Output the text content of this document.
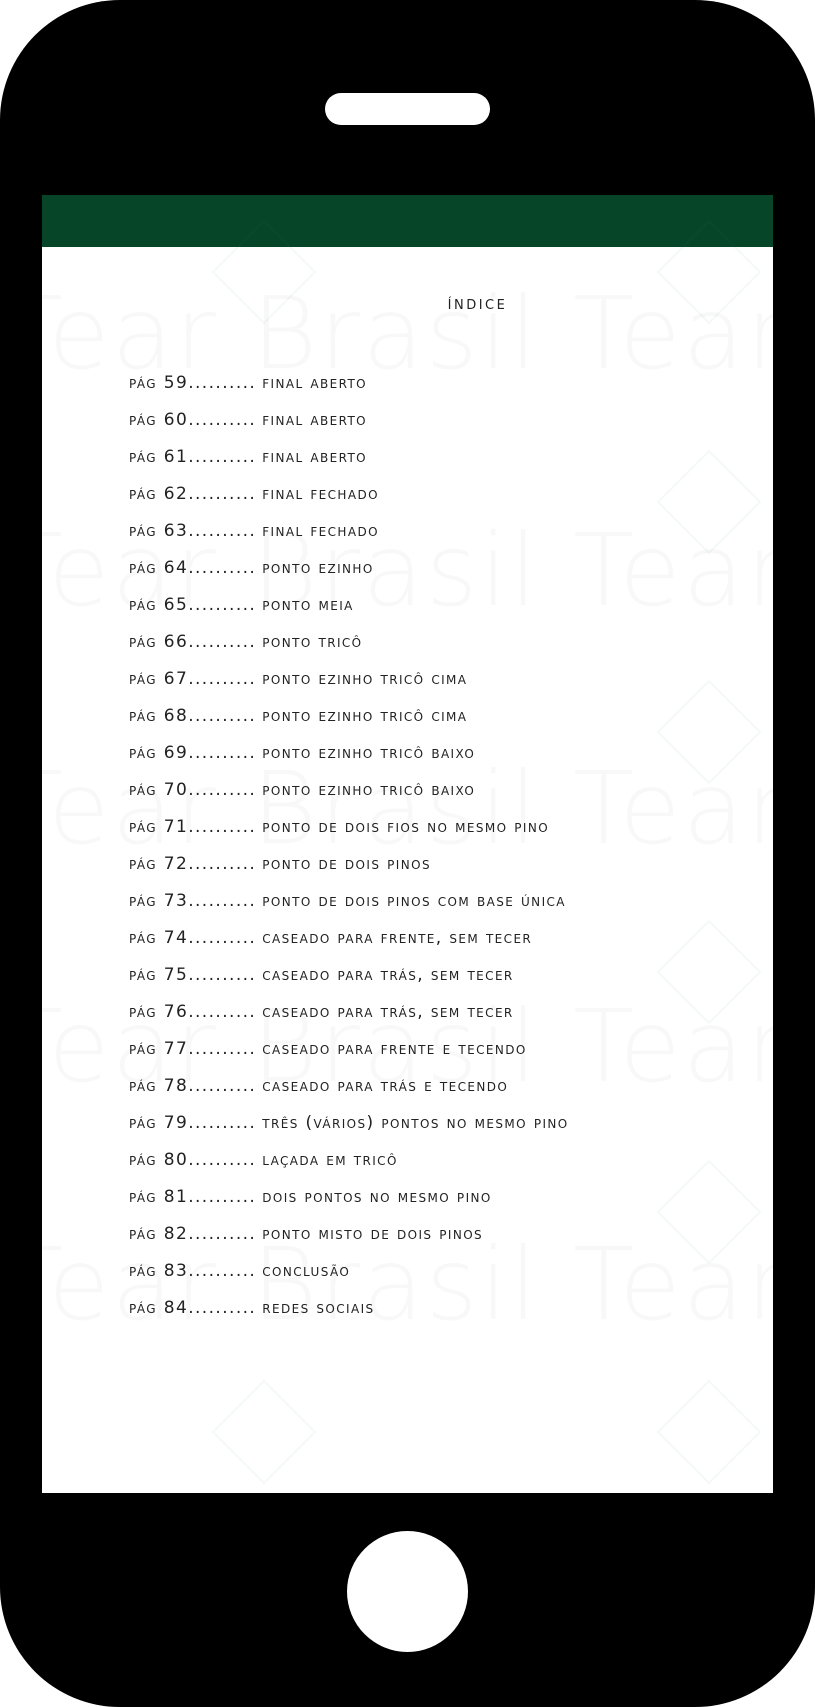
índice
pág 59.......... final aberto
pág 60.......... final aberto
pág 61.......... final aberto
pág 62.......... final fechado
pág 63.......... final fechado
pág 64.......... ponto ezinho
pág 65.......... ponto meia
pág 66.......... ponto tricô
pág 67.......... ponto ezinho tricô cima
pág 68.......... ponto ezinho tricô cima
pág 69.......... ponto ezinho tricô baixo
pág 70.......... ponto ezinho tricô baixo
pág 71.......... ponto de dois fios no mesmo pino
pág 72.......... ponto de dois pinos
pág 73.......... ponto de dois pinos com base única
pág 74.......... caseado para frente, sem tecer
pág 75.......... caseado para trás, sem tecer
pág 76.......... caseado para trás, sem tecer
pág 77.......... caseado para frente e tecendo
pág 78.......... caseado para trás e tecendo
pág 79.......... três (vários) pontos no mesmo pino
pág 80.......... laçada em tricô
pág 81.......... dois pontos no mesmo pino
pág 82.......... ponto misto de dois pinos
pág 83.......... conclusão
pág 84.......... redes sociais
